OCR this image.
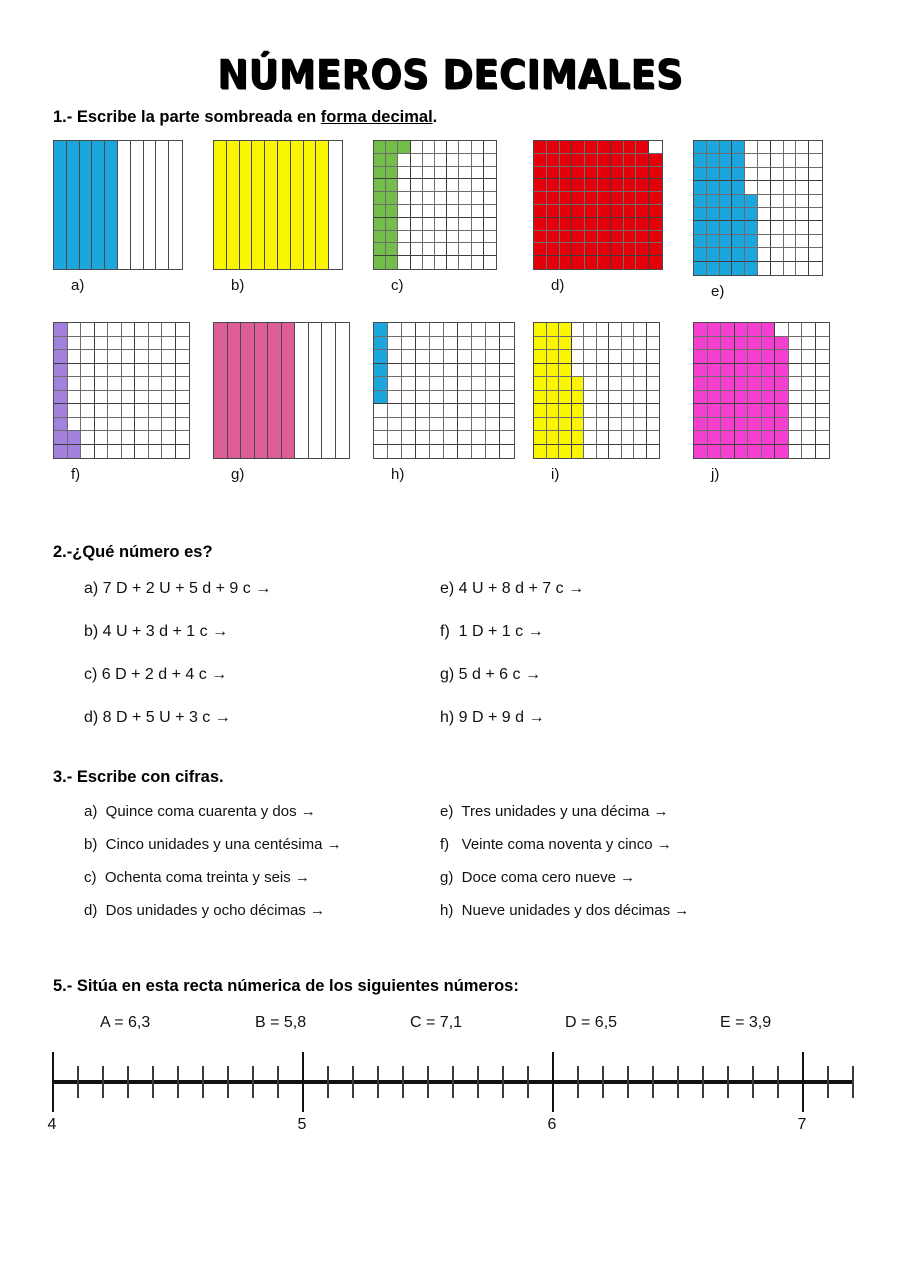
NÚMEROS DECIMALES
1.- Escribe la parte sombreada en forma decimal.
a)	b)	c)	d)	e)
f)	g)	h)	i)	j)
2.-¿Qué número es?
a) 7 D + 2 U + 5 d + 9 c →
b) 4 U + 3 d + 1 c →
c) 6 D + 2 d + 4 c →
d) 8 D + 5 U + 3 c →
e) 4 U + 8 d + 7 c →
f)  1 D + 1 c →
g) 5 d + 6 c →
h) 9 D + 9 d →
3.- Escribe con cifras.
a)  Quince coma cuarenta y dos →
b)  Cinco unidades y una centésima →
c)  Ochenta coma treinta y seis →
d)  Dos unidades y ocho décimas →
e)  Tres unidades y una décima →
f)   Veinte coma noventa y cinco →
g)  Doce coma cero nueve →
h)  Nueve unidades y dos décimas →
5.- Sitúa en esta recta númerica de los siguientes números:
A = 6,3	B = 5,8	C = 7,1	D = 6,5	E = 3,9
4	5	6	7
